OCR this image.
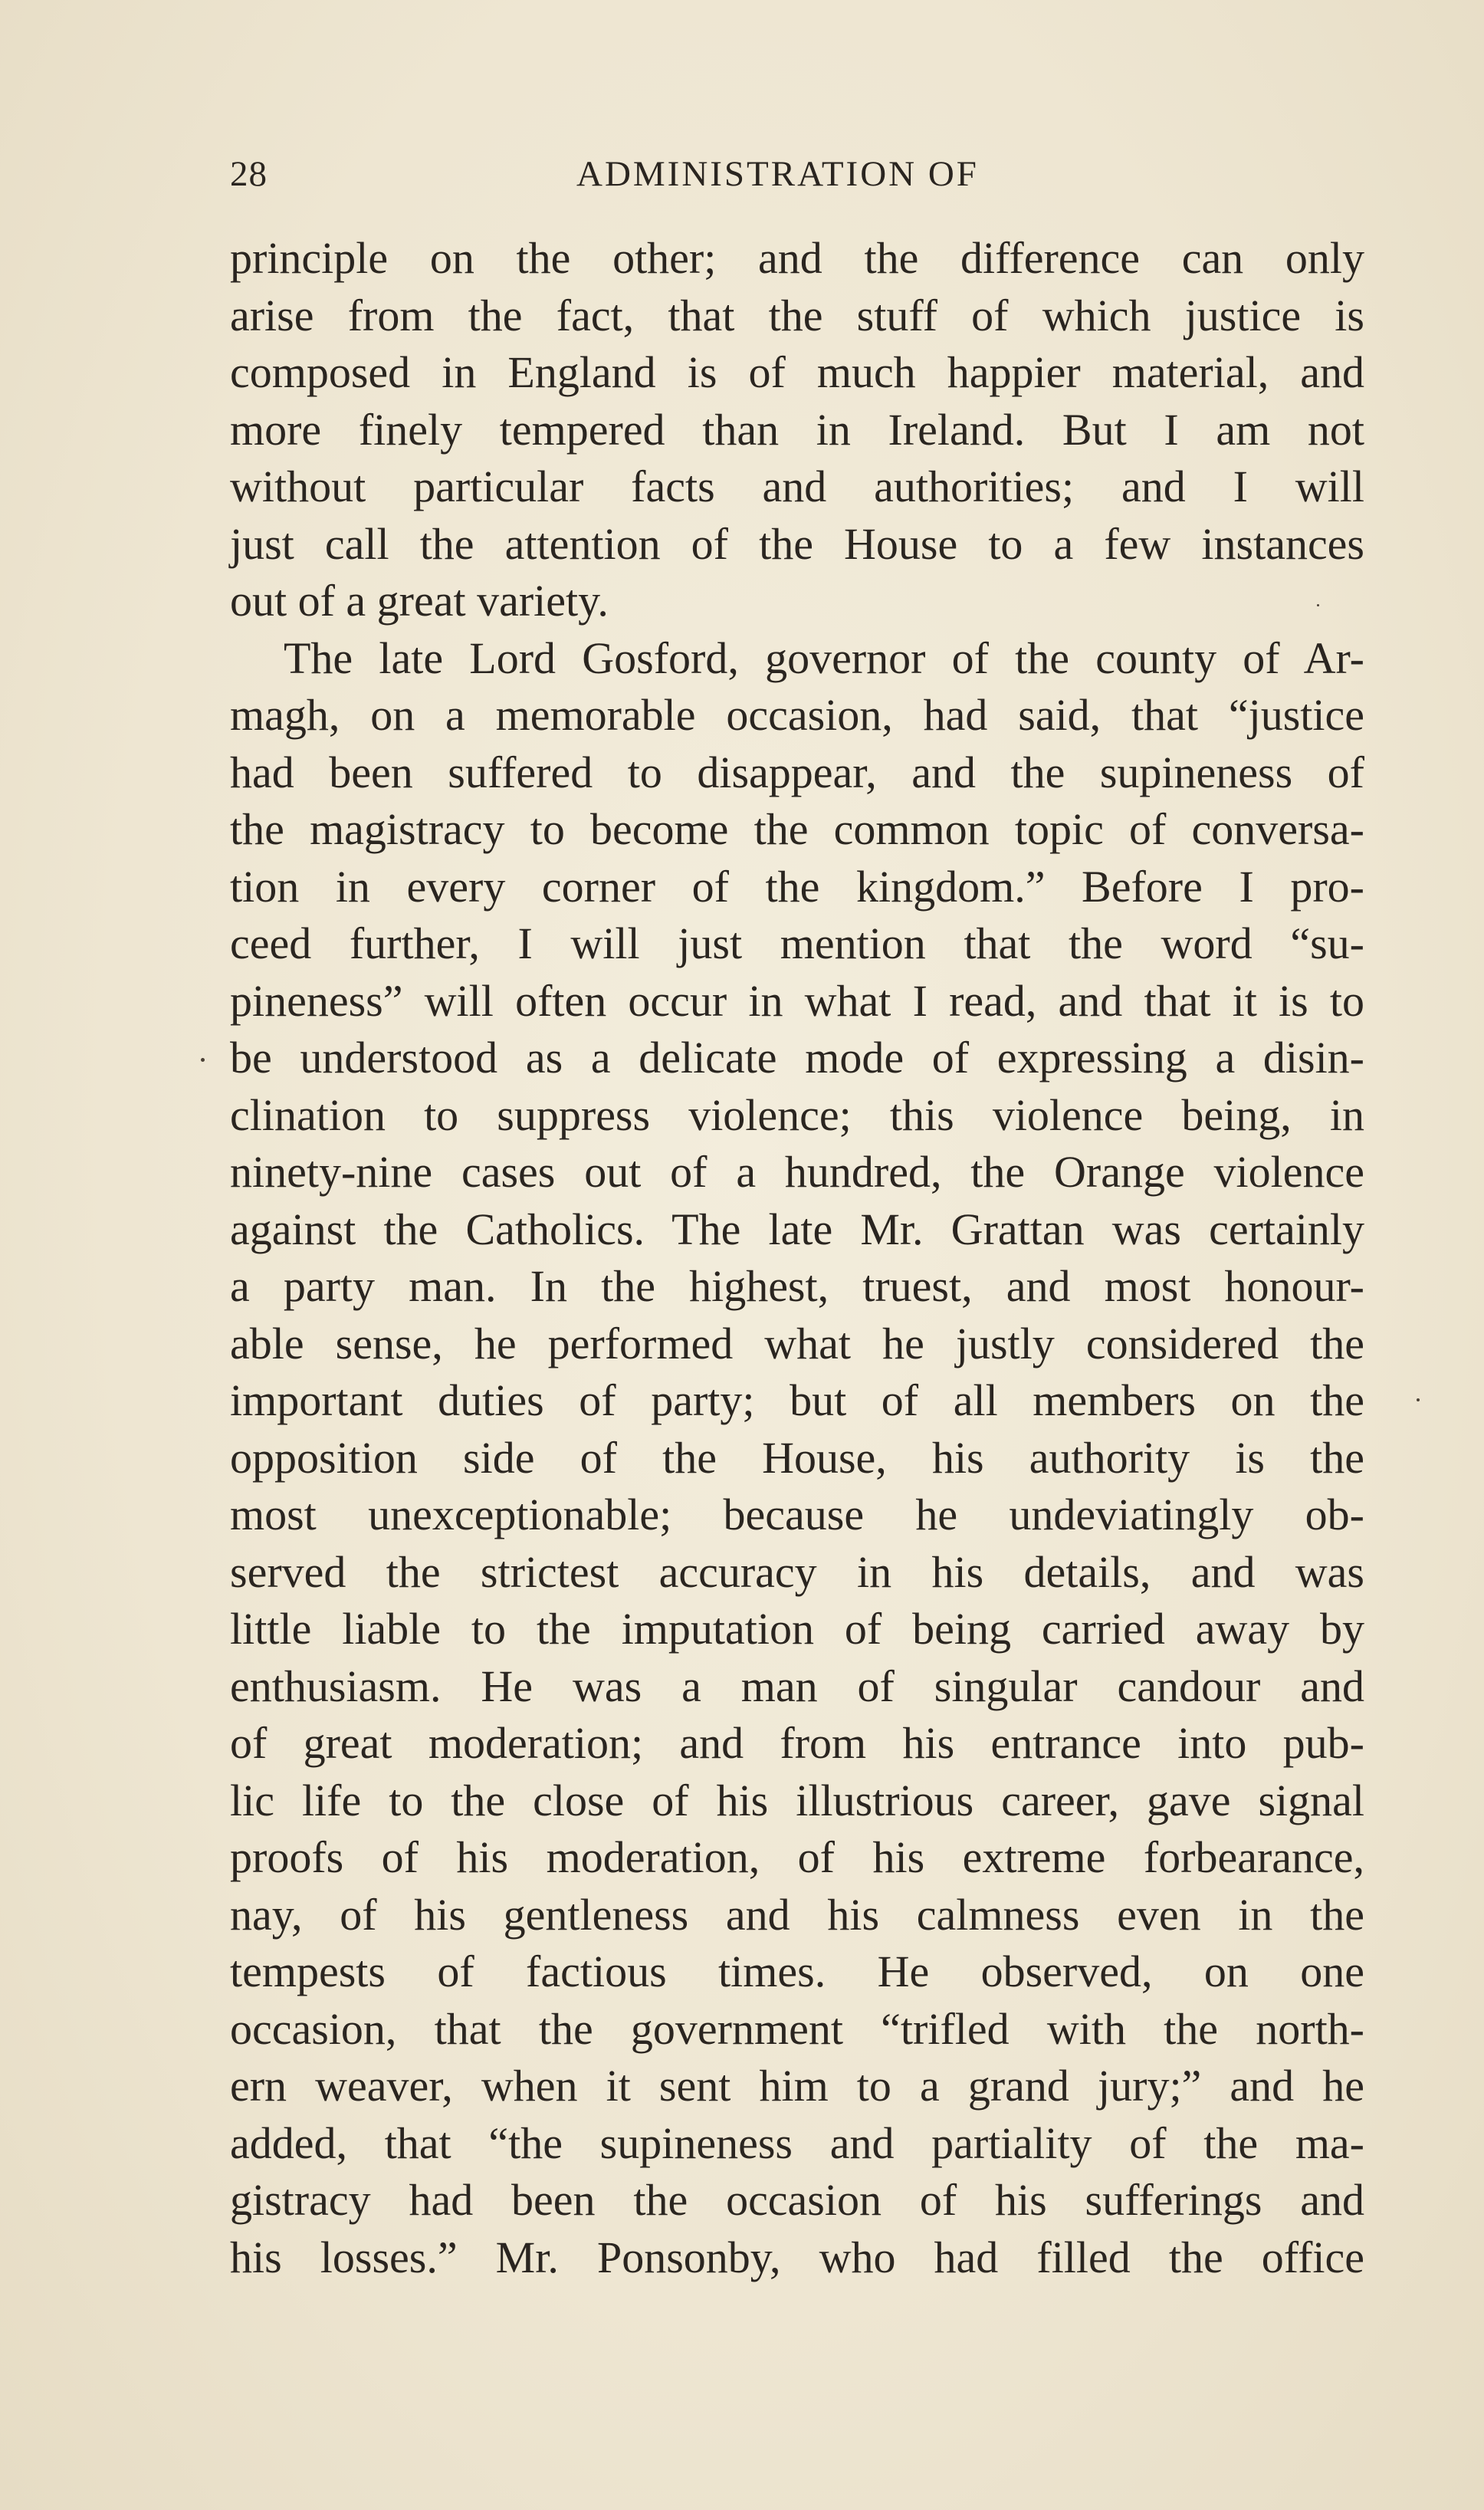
28	ADMINISTRATION OF
principle on the other; and the difference can only
arise from the fact, that the stuff of which justice is
composed in England is of much happier material, and
more finely tempered than in Ireland. But I am not
without particular facts and authorities; and I will
just call the attention of the House to a few instances
out of a great variety.
The late Lord Gosford, governor of the county of Ar-
magh, on a memorable occasion, had said, that “justice
had been suffered to disappear, and the supineness of
the magistracy to become the common topic of conversa-
tion in every corner of the kingdom.” Before I pro-
ceed further, I will just mention that the word “su-
pineness” will often occur in what I read, and that it is to
be understood as a delicate mode of expressing a disin-
clination to suppress violence; this violence being, in
ninety-nine cases out of a hundred, the Orange violence
against the Catholics. The late Mr. Grattan was certainly
a party man. In the highest, truest, and most honour-
able sense, he performed what he justly considered the
important duties of party; but of all members on the
opposition side of the House, his authority is the
most unexceptionable; because he undeviatingly ob-
served the strictest accuracy in his details, and was
little liable to the imputation of being carried away by
enthusiasm. He was a man of singular candour and
of great moderation; and from his entrance into pub-
lic life to the close of his illustrious career, gave signal
proofs of his moderation, of his extreme forbearance,
nay, of his gentleness and his calmness even in the
tempests of factious times. He observed, on one
occasion, that the government “trifled with the north-
ern weaver, when it sent him to a grand jury;” and he
added, that “the supineness and partiality of the ma-
gistracy had been the occasion of his sufferings and
his losses.” Mr. Ponsonby, who had filled the office
